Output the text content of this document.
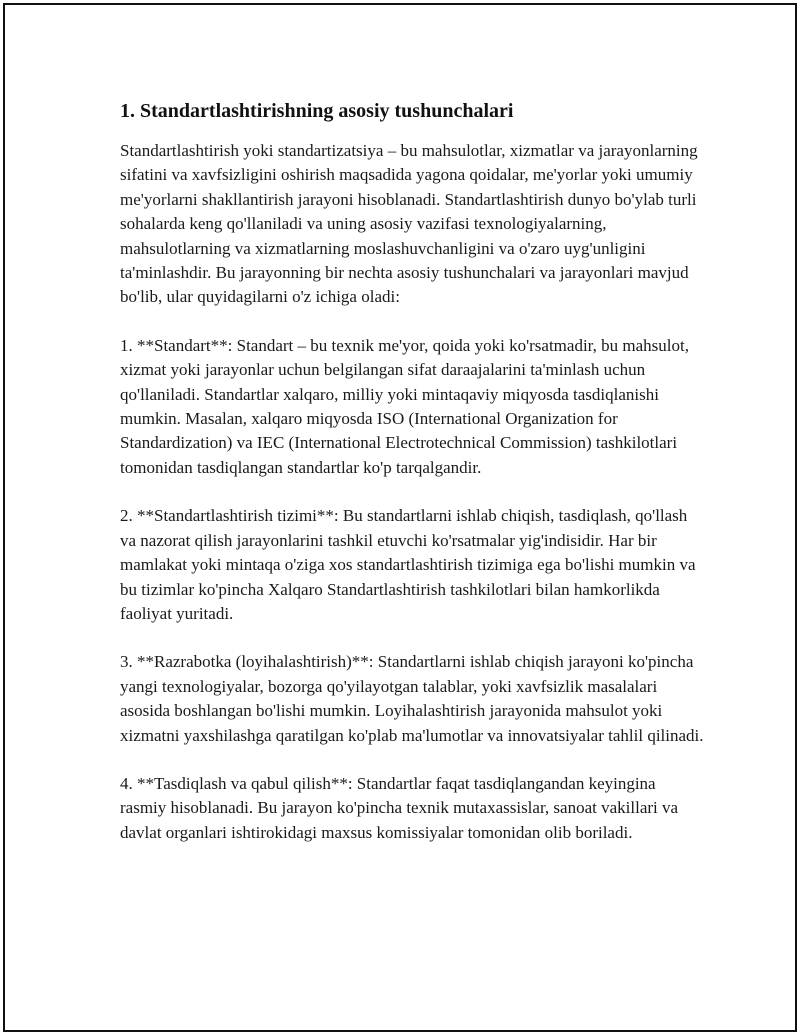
1. Standartlashtirishning asosiy tushunchalari

Standartlashtirish yoki standartizatsiya – bu mahsulotlar, xizmatlar va jarayonlarning sifatini va xavfsizligini oshirish maqsadida yagona qoidalar, me'yorlar yoki umumiy me'yorlarni shakllantirish jarayoni hisoblanadi. Standartlashtirish dunyo bo'ylab turli sohalarda keng qo'llaniladi va uning asosiy vazifasi texnologiyalarning, mahsulotlarning va xizmatlarning moslashuvchanligini va o'zaro uyg'unligini ta'minlashdir. Bu jarayonning bir nechta asosiy tushunchalari va jarayonlari mavjud bo'lib, ular quyidagilarni o'z ichiga oladi:

1. **Standart**: Standart – bu texnik me'yor, qoida yoki ko'rsatmadir, bu mahsulot, xizmat yoki jarayonlar uchun belgilangan sifat daraajalarini ta'minlash uchun qo'llaniladi. Standartlar xalqaro, milliy yoki mintaqaviy miqyosda tasdiqlanishi mumkin. Masalan, xalqaro miqyosda ISO (International Organization for Standardization) va IEC (International Electrotechnical Commission) tashkilotlari tomonidan tasdiqlangan standartlar ko'p tarqalgandir.

2. **Standartlashtirish tizimi**: Bu standartlarni ishlab chiqish, tasdiqlash, qo'llash va nazorat qilish jarayonlarini tashkil etuvchi ko'rsatmalar yig'indisidir. Har bir mamlakat yoki mintaqa o'ziga xos standartlashtirish tizimiga ega bo'lishi mumkin va bu tizimlar ko'pincha Xalqaro Standartlashtirish tashkilotlari bilan hamkorlikda faoliyat yuritadi.

3. **Razrabotka (loyihalashtirish)**: Standartlarni ishlab chiqish jarayoni ko'pincha yangi texnologiyalar, bozorga qo'yilayotgan talablar, yoki xavfsizlik masalalari asosida boshlangan bo'lishi mumkin. Loyihalashtirish jarayonida mahsulot yoki xizmatni yaxshilashga qaratilgan ko'plab ma'lumotlar va innovatsiyalar tahlil qilinadi.

4. **Tasdiqlash va qabul qilish**: Standartlar faqat tasdiqlangandan keyingina rasmiy hisoblanadi. Bu jarayon ko'pincha texnik mutaxassislar, sanoat vakillari va davlat organlari ishtirokidagi maxsus komissiyalar tomonidan olib boriladi.
